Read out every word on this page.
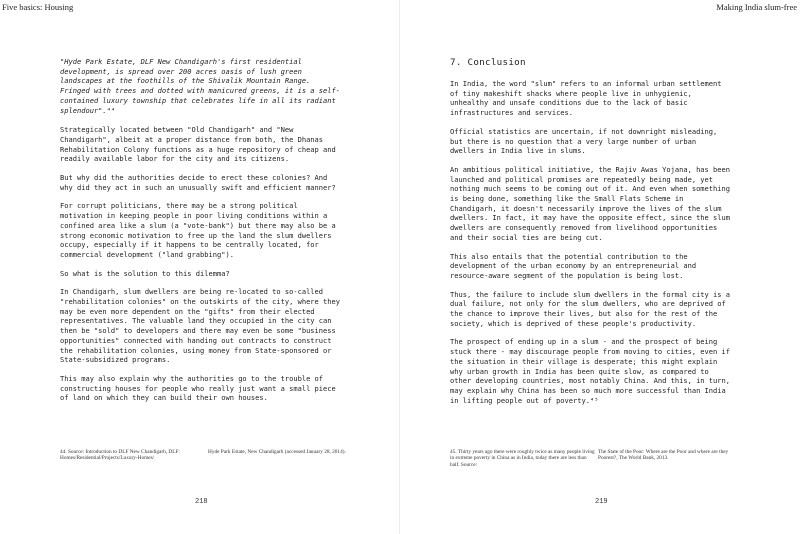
Five basics: Housing	Making India slum-free

"Hyde Park Estate, DLF New Chandigarh's first residential development, is spread over 200 acres oasis of lush green landscapes at the foothills of the Shivalik Mountain Range. Fringed with trees and dotted with manicured greens, it is a self-contained luxury township that celebrates life in all its radiant splendour".⁴⁴

Strategically located between "Old Chandigarh" and "New Chandigarh", albeit at a proper distance from both, the Dhanas Rehabilitation Colony functions as a huge repository of cheap and readily available labor for the city and its citizens.

But why did the authorities decide to erect these colonies? And why did they act in such an unusually swift and efficient manner?

For corrupt politicians, there may be a strong political motivation in keeping people in poor living conditions within a confined area like a slum (a "vote-bank") but there may also be a strong economic motivation to free up the land the slum dwellers occupy, especially if it happens to be centrally located, for commercial development ("land grabbing").

So what is the solution to this dilemma?

In Chandigarh, slum dwellers are being re-located to so-called "rehabilitation colonies" on the outskirts of the city, where they may be even more dependent on the "gifts" from their elected representatives. The valuable land they occupied in the city can then be "sold" to developers and there may even be some "business opportunities" connected with handing out contracts to construct the rehabilitation colonies, using money from State-sponsored or State-subsidized programs.

This may also explain why the authorities go to the trouble of constructing houses for people who really just want a small piece of land on which they can build their own houses.

44. Source: Introduction to DLF New Chandigarh, DLF: Homes/Residential/Projects/Luxury-Homes/
Hyde Park Estate, New Chandigarh (accessed January 28, 2014).
218
7. Conclusion

In India, the word "slum" refers to an informal urban settlement of tiny makeshift shacks where people live in unhygienic, unhealthy and unsafe conditions due to the lack of basic infrastructures and services.

Official statistics are uncertain, if not downright misleading, but there is no question that a very large number of urban dwellers in India live in slums.

An ambitious political initiative, the Rajiv Awas Yojana, has been launched and political promises are repeatedly being made, yet nothing much seems to be coming out of it. And even when something is being done, something like the Small Flats Scheme in Chandigarh, it doesn't necessarily improve the lives of the slum dwellers. In fact, it may have the opposite effect, since the slum dwellers are consequently removed from livelihood opportunities and their social ties are being cut.

This also entails that the potential contribution to the development of the urban economy by an entrepreneurial and resource-aware segment of the population is being lost.

Thus, the failure to include slum dwellers in the formal city is a dual failure, not only for the slum dwellers, who are deprived of the chance to improve their lives, but also for the rest of the society, which is deprived of these people's productivity.

The prospect of ending up in a slum - and the prospect of being stuck there - may discourage people from moving to cities, even if the situation in their village is desperate; this might explain why urban growth in India has been quite slow, as compared to other developing countries, most notably China. And this, in turn, may explain why China has been so much more successful than India in lifting people out of poverty.⁴⁵

45. Thirty years ago there were roughly twice as many people living in extreme poverty in China as in India, today there are less than half. Source:
The State of the Poor: Where are the Poor and where are they Poorest?, The World Bank, 2013.
219
